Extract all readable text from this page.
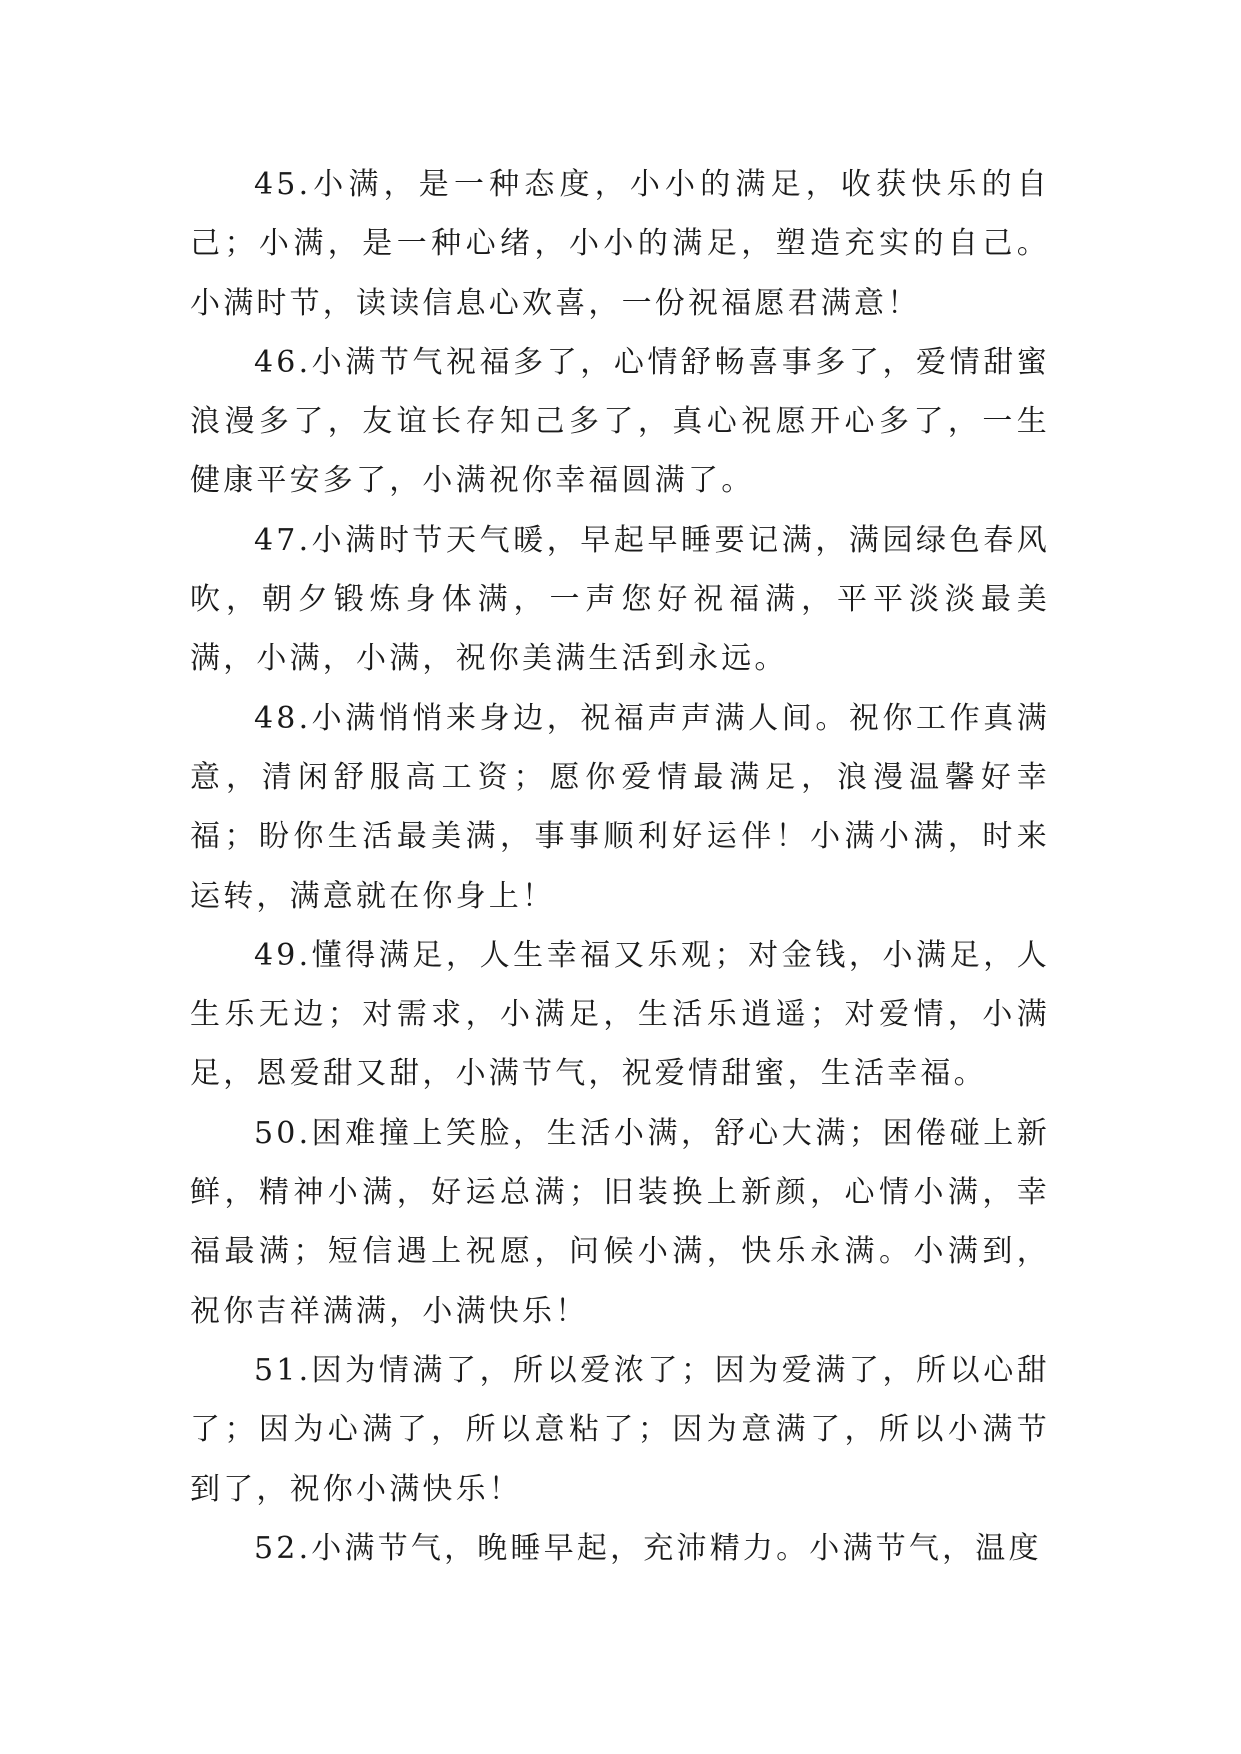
45.小满，是一种态度，小小的满足，收获快乐的自己；小满，是一种心绪，小小的满足，塑造充实的自己。小满时节，读读信息心欢喜，一份祝福愿君满意！

46.小满节气祝福多了，心情舒畅喜事多了，爱情甜蜜浪漫多了，友谊长存知己多了，真心祝愿开心多了，一生健康平安多了，小满祝你幸福圆满了。

47.小满时节天气暖，早起早睡要记满，满园绿色春风吹，朝夕锻炼身体满，一声您好祝福满，平平淡淡最美满，小满，小满，祝你美满生活到永远。

48.小满悄悄来身边，祝福声声满人间。祝你工作真满意，清闲舒服高工资；愿你爱情最满足，浪漫温馨好幸福；盼你生活最美满，事事顺利好运伴！小满小满，时来运转，满意就在你身上！

49.懂得满足，人生幸福又乐观；对金钱，小满足，人生乐无边；对需求，小满足，生活乐逍遥；对爱情，小满足，恩爱甜又甜，小满节气，祝爱情甜蜜，生活幸福。

50.困难撞上笑脸，生活小满，舒心大满；困倦碰上新鲜，精神小满，好运总满；旧装换上新颜，心情小满，幸福最满；短信遇上祝愿，问候小满，快乐永满。小满到，祝你吉祥满满，小满快乐！

51.因为情满了，所以爱浓了；因为爱满了，所以心甜了；因为心满了，所以意粘了；因为意满了，所以小满节到了，祝你小满快乐！

52.小满节气，晚睡早起，充沛精力。小满节气，温度
